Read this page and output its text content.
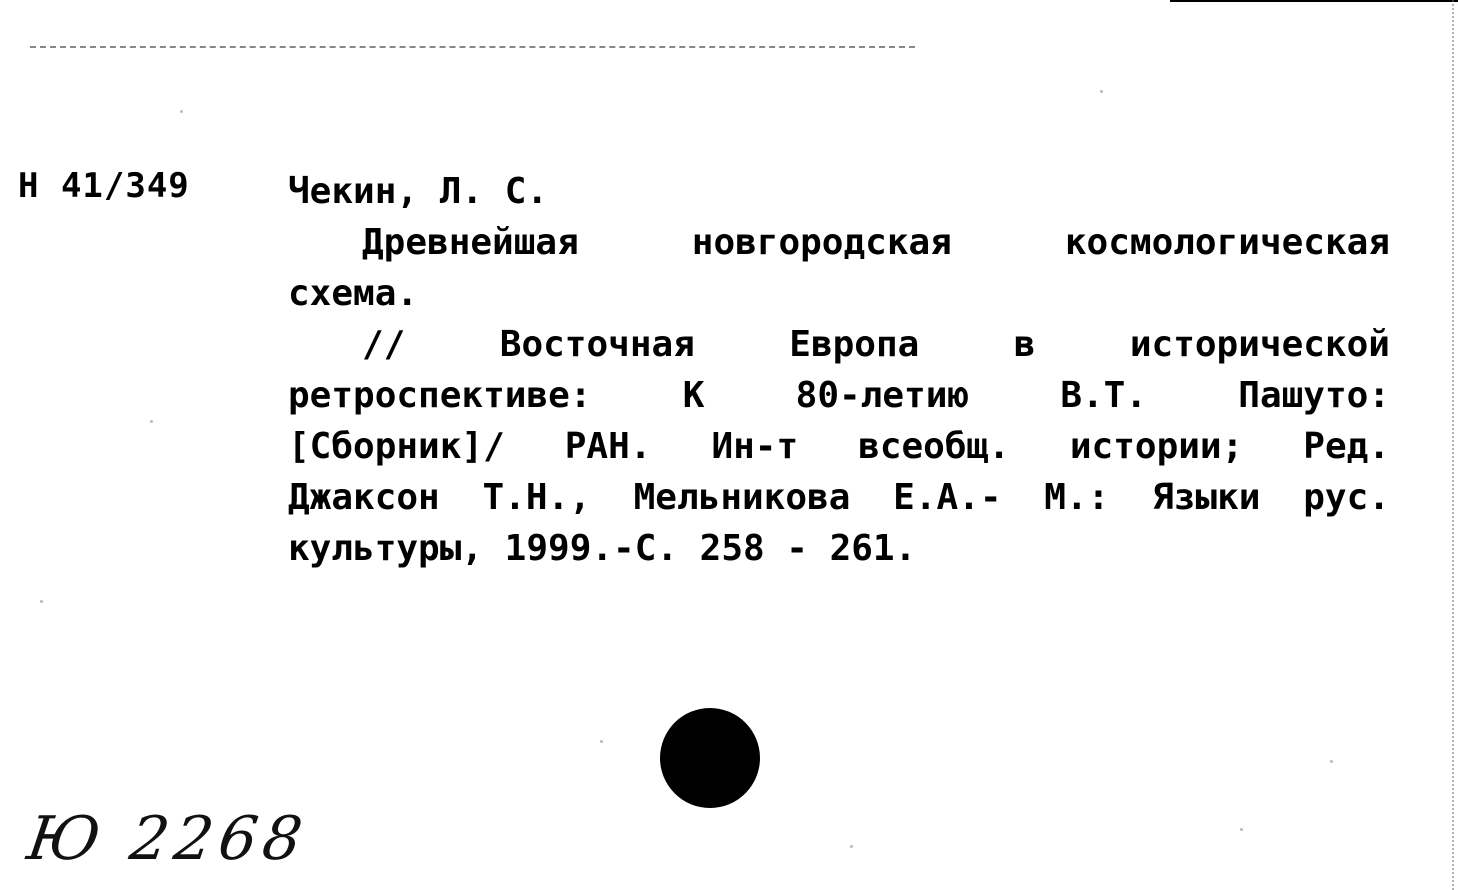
Н 41/349	Чекин, Л. С.
Древнейшая	новгородская	космологическая
схема.
//	Восточная	Европа	в	исторической
ретроспективе:	К	80-летию	В.Т.	Пашуто:
[Сборник]/ РАН. Ин-т всеобщ. истории; Ред.
Джаксон Т.Н., Мельникова Е.А.- М.: Языки рус.
культуры, 1999.-С. 258 - 261.
Ю 2268
